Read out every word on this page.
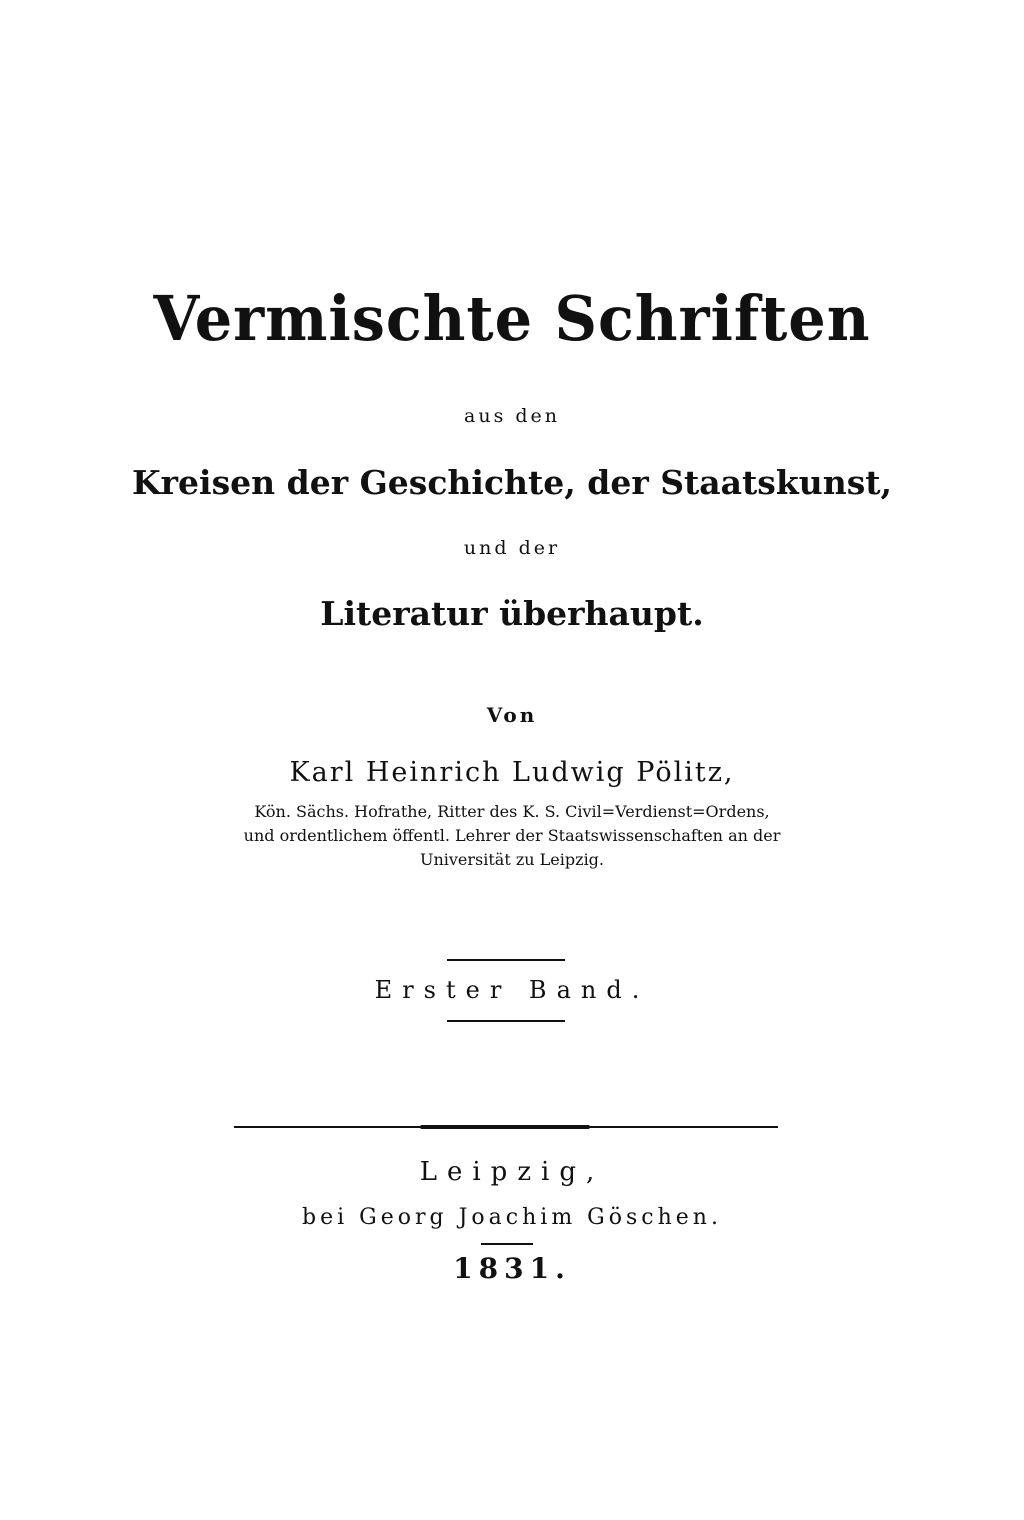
Vermischte Schriften
aus den
Kreisen der Geschichte, der Staatskunst,
und der
Literatur überhaupt.
Von
Karl Heinrich Ludwig Pölitz,
Kön. Sächs. Hofrathe, Ritter des K. S. Civil=Verdienst=Ordens,
und ordentlichem öffentl. Lehrer der Staatswissenschaften an der
Universität zu Leipzig.
Erster Band.
Leipzig,
bei Georg Joachim Göschen.
1831.
